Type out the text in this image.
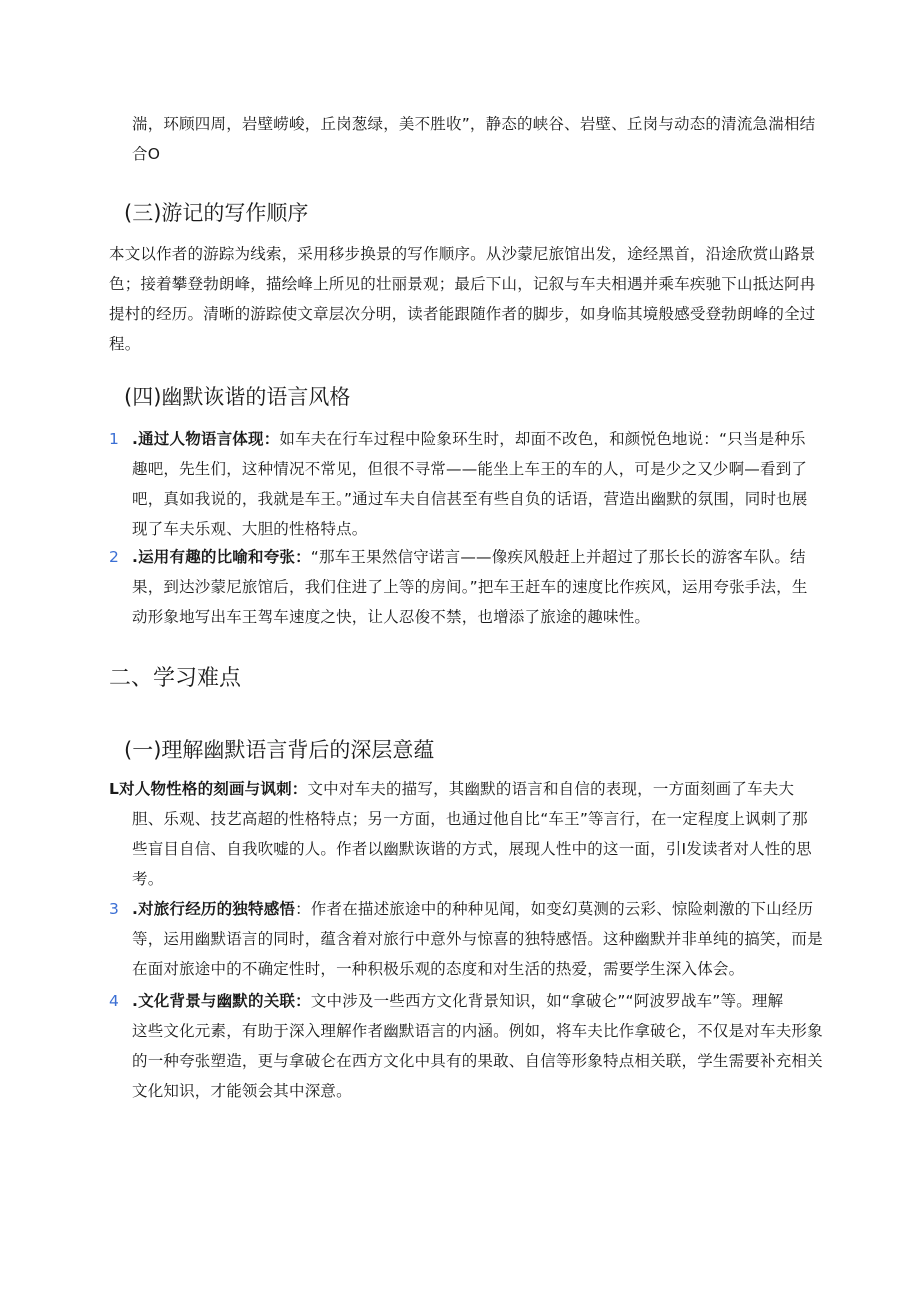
湍，环顾四周，岩壁崂峻，丘岗葱绿，美不胜收”，静态的峡谷、岩壁、丘岗与动态的清流急湍相结
合O
(三)游记的写作顺序
本文以作者的游踪为线索，采用移步换景的写作顺序。从沙蒙尼旅馆出发，途经黑首，沿途欣赏山路景
色；接着攀登勃朗峰，描绘峰上所见的壮丽景观；最后下山，记叙与车夫相遇并乘车疾驰下山抵达阿冉
提村的经历。清晰的游踪使文章层次分明，读者能跟随作者的脚步，如身临其境般感受登勃朗峰的全过
程。
(四)幽默诙谐的语言风格
1 .通过人物语言体现：如车夫在行车过程中险象环生时，却面不改色，和颜悦色地说：“只当是种乐
趣吧，先生们，这种情况不常见，但很不寻常——能坐上车王的车的人，可是少之又少啊—看到了
吧，真如我说的，我就是车王。”通过车夫自信甚至有些自负的话语，营造出幽默的氛围，同时也展
现了车夫乐观、大胆的性格特点。
2 .运用有趣的比喻和夸张：“那车王果然信守诺言——像疾风般赶上并超过了那长长的游客车队。结
果，到达沙蒙尼旅馆后，我们住进了上等的房间。”把车王赶车的速度比作疾风，运用夸张手法，生
动形象地写出车王驾车速度之快，让人忍俊不禁，也增添了旅途的趣味性。
二、学习难点
(一)理解幽默语言背后的深层意蕴
L对人物性格的刻画与讽刺：文中对车夫的描写，其幽默的语言和自信的表现，一方面刻画了车夫大
胆、乐观、技艺高超的性格特点；另一方面，也通过他自比“车王”等言行，在一定程度上讽刺了那
些盲目自信、自我吹嘘的人。作者以幽默诙谐的方式，展现人性中的这一面，引I发读者对人性的思
考。
3 .对旅行经历的独特感悟：作者在描述旅途中的种种见闻，如变幻莫测的云彩、惊险刺激的下山经历
等，运用幽默语言的同时，蕴含着对旅行中意外与惊喜的独特感悟。这种幽默并非单纯的搞笑，而是
在面对旅途中的不确定性时，一种积极乐观的态度和对生活的热爱，需要学生深入体会。
4 .文化背景与幽默的关联：文中涉及一些西方文化背景知识，如“拿破仑”“阿波罗战车”等。理解
这些文化元素，有助于深入理解作者幽默语言的内涵。例如，将车夫比作拿破仑，不仅是对车夫形象
的一种夸张塑造，更与拿破仑在西方文化中具有的果敢、自信等形象特点相关联，学生需要补充相关
文化知识，才能领会其中深意。
